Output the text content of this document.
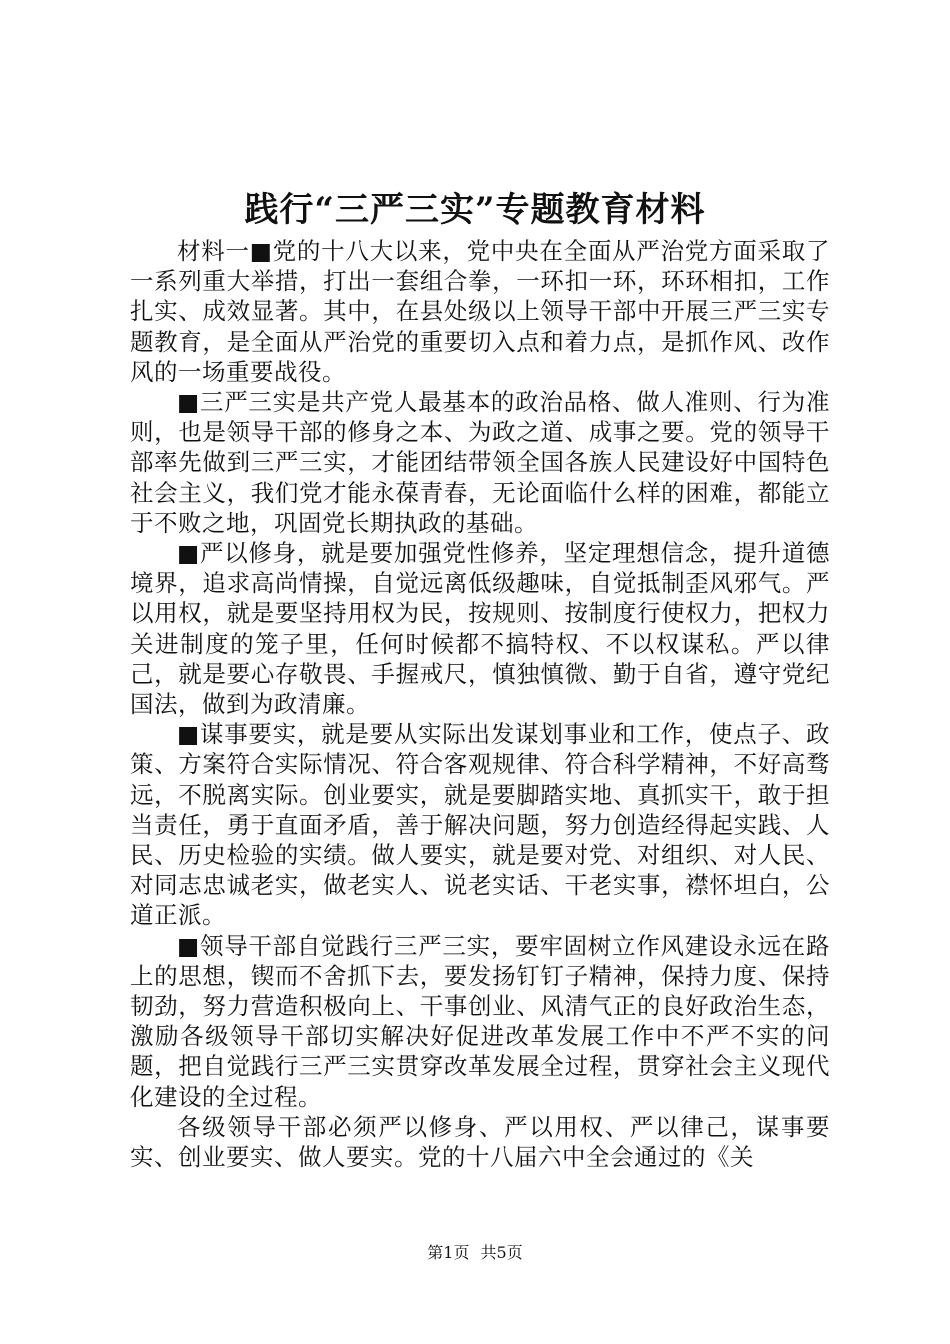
践行“三严三实”专题教育材料

材料一■党的十八大以来，党中央在全面从严治党方面采取了一系列重大举措，打出一套组合拳，一环扣一环，环环相扣，工作扎实、成效显著。其中，在县处级以上领导干部中开展三严三实专题教育，是全面从严治党的重要切入点和着力点，是抓作风、改作风的一场重要战役。

■三严三实是共产党人最基本的政治品格、做人准则、行为准则，也是领导干部的修身之本、为政之道、成事之要。党的领导干部率先做到三严三实，才能团结带领全国各族人民建设好中国特色社会主义，我们党才能永葆青春，无论面临什么样的困难，都能立于不败之地，巩固党长期执政的基础。

■严以修身，就是要加强党性修养，坚定理想信念，提升道德境界，追求高尚情操，自觉远离低级趣味，自觉抵制歪风邪气。严以用权，就是要坚持用权为民，按规则、按制度行使权力，把权力关进制度的笼子里，任何时候都不搞特权、不以权谋私。严以律己，就是要心存敬畏、手握戒尺，慎独慎微、勤于自省，遵守党纪国法，做到为政清廉。

■谋事要实，就是要从实际出发谋划事业和工作，使点子、政策、方案符合实际情况、符合客观规律、符合科学精神，不好高骛远，不脱离实际。创业要实，就是要脚踏实地、真抓实干，敢于担当责任，勇于直面矛盾，善于解决问题，努力创造经得起实践、人民、历史检验的实绩。做人要实，就是要对党、对组织、对人民、对同志忠诚老实，做老实人、说老实话、干老实事，襟怀坦白，公道正派。

■领导干部自觉践行三严三实，要牢固树立作风建设永远在路上的思想，锲而不舍抓下去，要发扬钉钉子精神，保持力度、保持韧劲，努力营造积极向上、干事创业、风清气正的良好政治生态，激励各级领导干部切实解决好促进改革发展工作中不严不实的问题，把自觉践行三严三实贯穿改革发展全过程，贯穿社会主义现代化建设的全过程。

各级领导干部必须严以修身、严以用权、严以律己，谋事要实、创业要实、做人要实。党的十八届六中全会通过的《关

第1页 共5页
